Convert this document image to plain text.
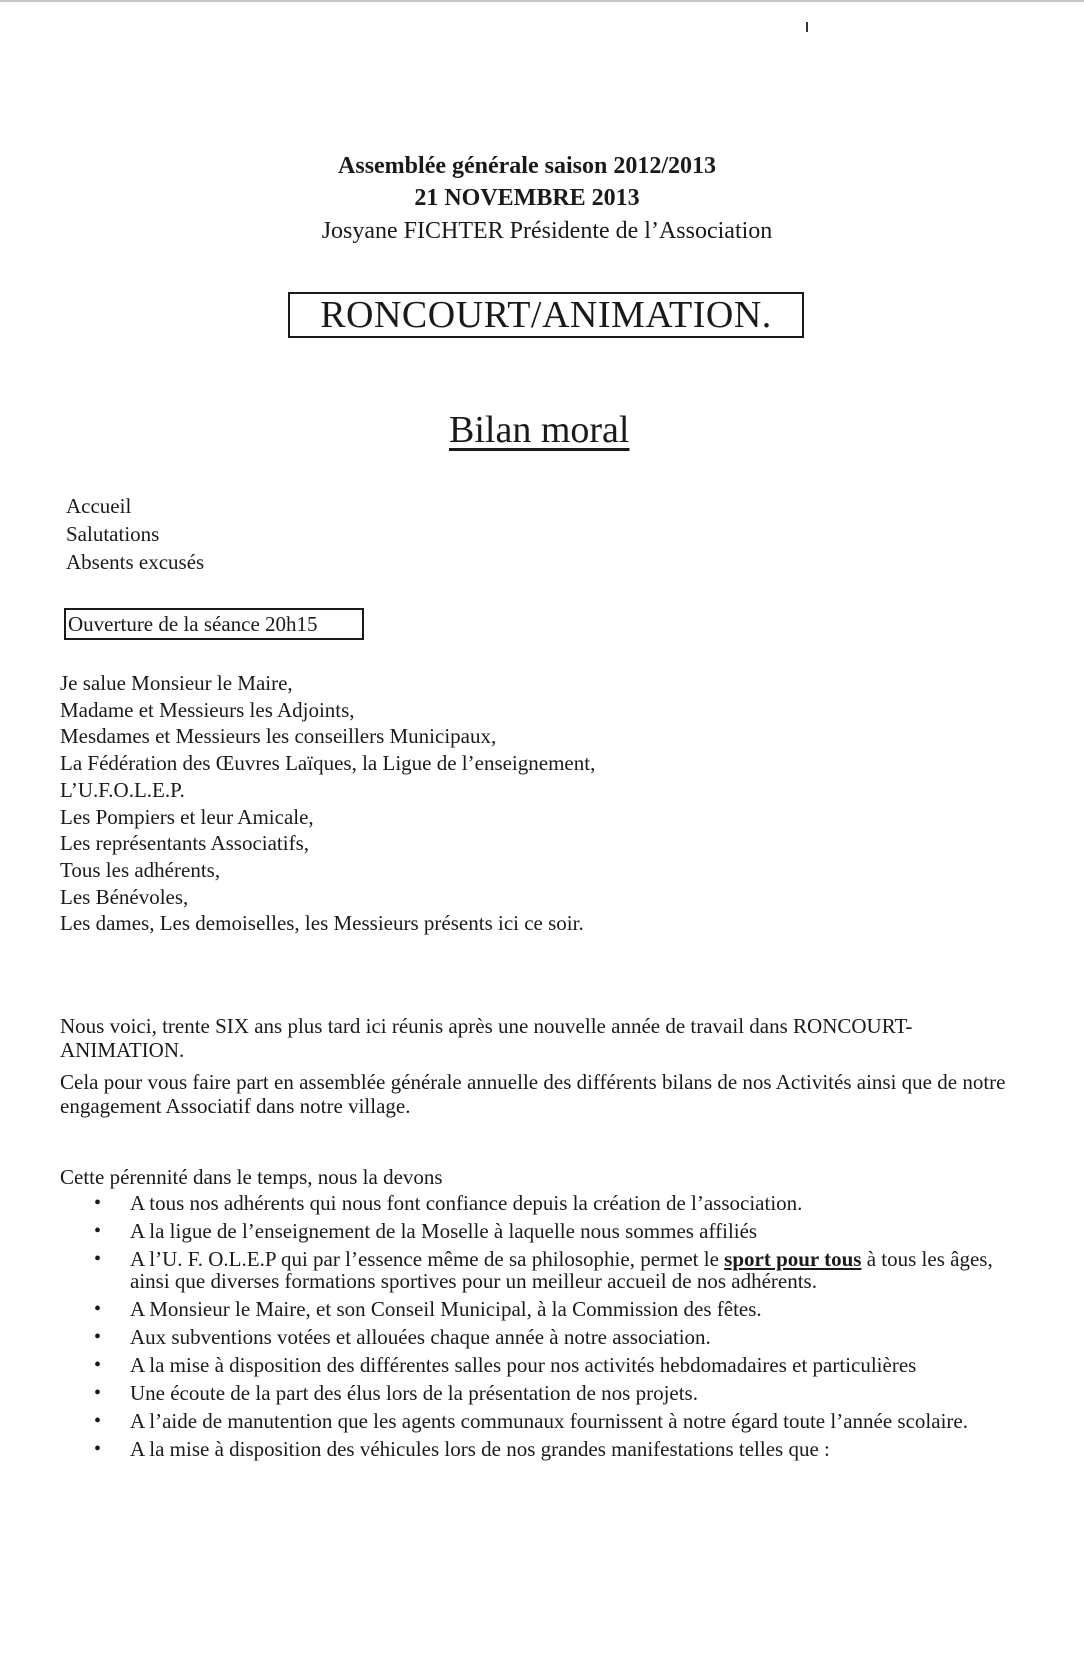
Assemblée générale saison 2012/2013
21 NOVEMBRE 2013
Josyane FICHTER Présidente de l’Association
RONCOURT/ANIMATION.
Bilan moral
Accueil
Salutations
Absents excusés
Ouverture de la séance 20h15
Je salue Monsieur le Maire,
Madame et Messieurs les Adjoints,
Mesdames et Messieurs les conseillers Municipaux,
La Fédération des Œuvres Laïques, la Ligue de l’enseignement,
L’U.F.O.L.E.P.
Les Pompiers et leur Amicale,
Les représentants Associatifs,
Tous les adhérents,
Les Bénévoles,
Les dames, Les demoiselles, les Messieurs présents ici ce soir.
Nous voici, trente SIX ans plus tard ici réunis après une nouvelle année de travail dans RONCOURT- ANIMATION.
Cela pour vous faire part en assemblée générale annuelle des différents bilans de nos Activités ainsi que de notre engagement Associatif dans notre village.
Cette pérennité dans le temps, nous la devons
• A tous nos adhérents qui nous font confiance depuis la création de l’association.
• A la ligue de l’enseignement de la Moselle à laquelle nous sommes affiliés
• A l’U. F. O.L.E.P qui par l’essence même de sa philosophie, permet le sport pour tous à tous les âges, ainsi que diverses formations sportives pour un meilleur accueil de nos adhérents.
• A Monsieur le Maire, et son Conseil Municipal, à la Commission des fêtes.
• Aux subventions votées et allouées chaque année à notre association.
• A la mise à disposition des différentes salles pour nos activités hebdomadaires et particulières
• Une écoute de la part des élus lors de la présentation de nos projets.
• A l’aide de manutention que les agents communaux fournissent à notre égard toute l’année scolaire.
• A la mise à disposition des véhicules lors de nos grandes manifestations telles que :
